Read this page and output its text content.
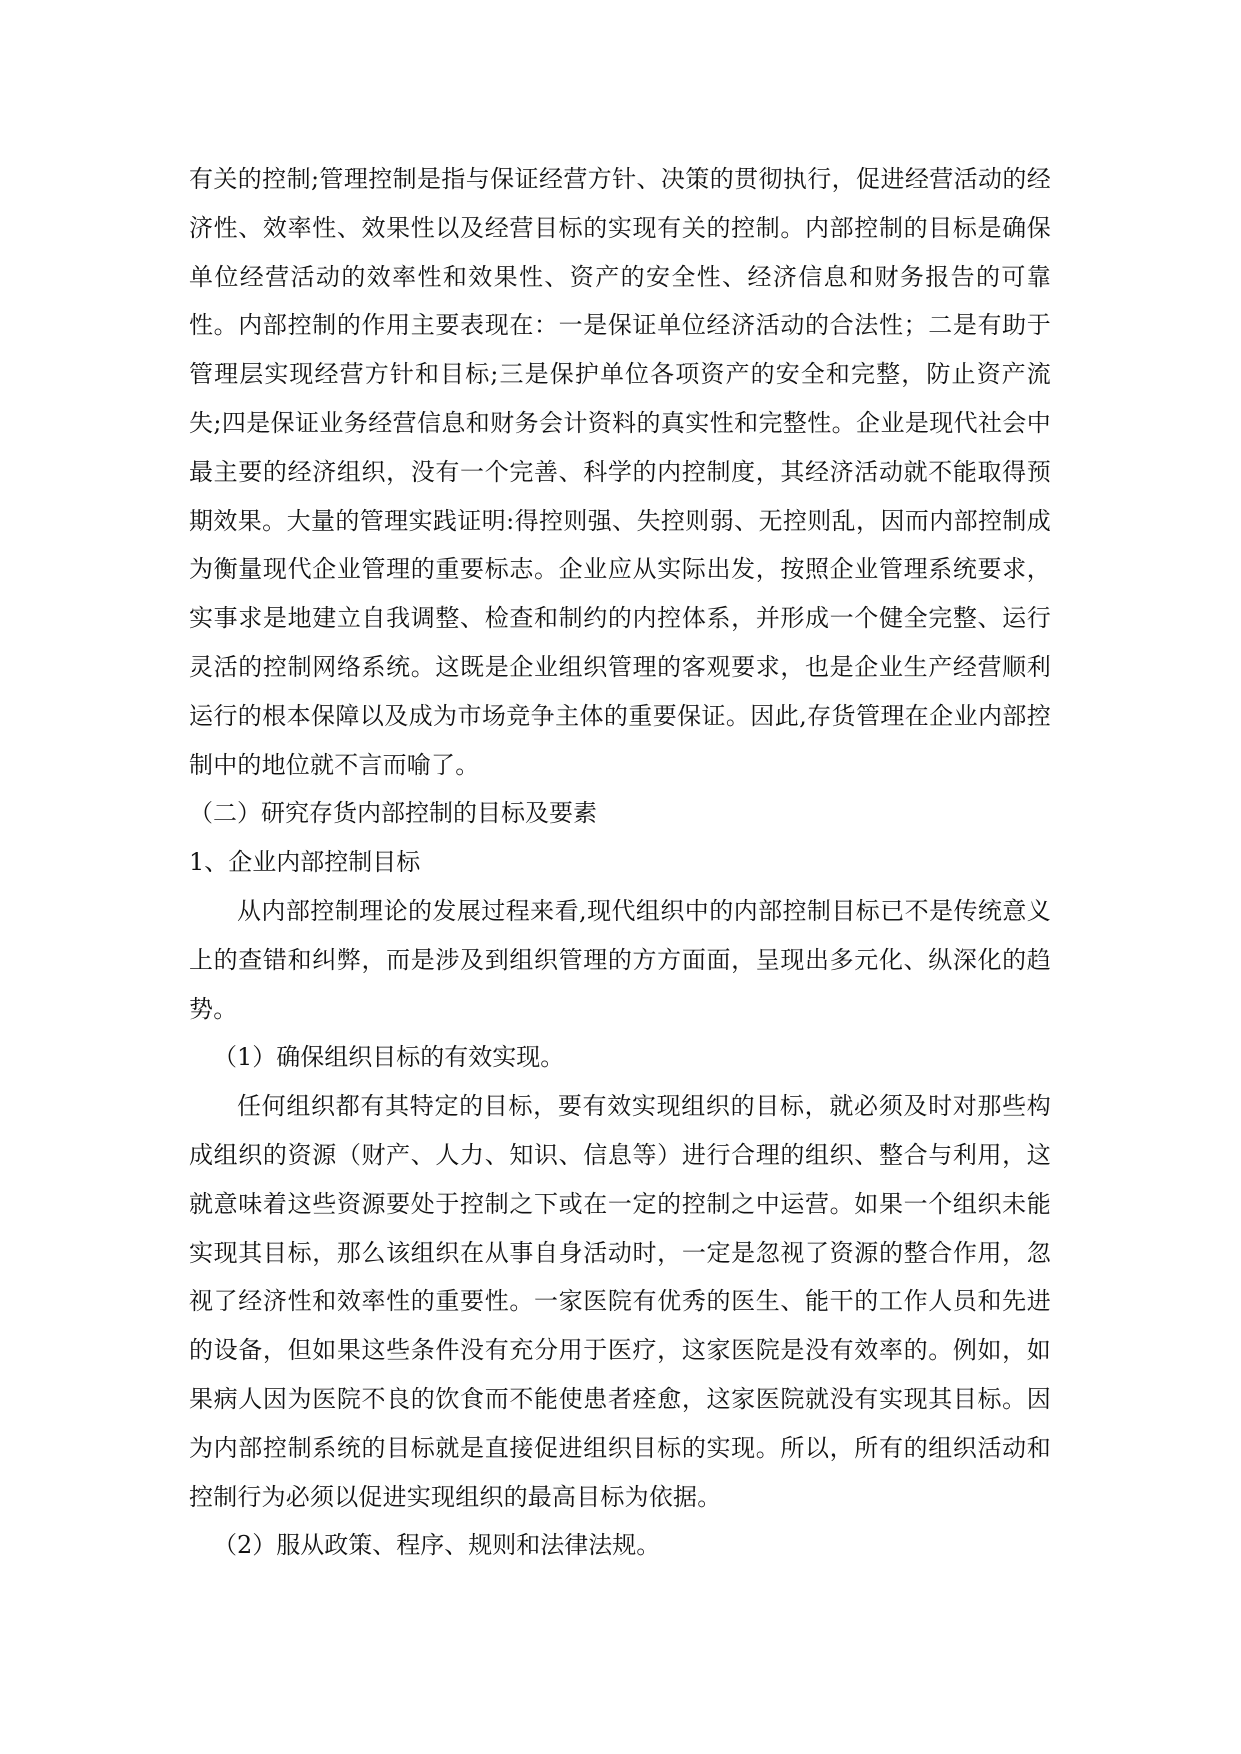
有关的控制;管理控制是指与保证经营方针、决策的贯彻执行，促进经营活动的经济性、效率性、效果性以及经营目标的实现有关的控制。内部控制的目标是确保单位经营活动的效率性和效果性、资产的安全性、经济信息和财务报告的可靠性。内部控制的作用主要表现在：一是保证单位经济活动的合法性；二是有助于管理层实现经营方针和目标;三是保护单位各项资产的安全和完整，防止资产流失;四是保证业务经营信息和财务会计资料的真实性和完整性。企业是现代社会中最主要的经济组织，没有一个完善、科学的内控制度，其经济活动就不能取得预期效果。大量的管理实践证明:得控则强、失控则弱、无控则乱，因而内部控制成为衡量现代企业管理的重要标志。企业应从实际出发，按照企业管理系统要求，实事求是地建立自我调整、检查和制约的内控体系，并形成一个健全完整、运行灵活的控制网络系统。这既是企业组织管理的客观要求，也是企业生产经营顺利运行的根本保障以及成为市场竞争主体的重要保证。因此,存货管理在企业内部控制中的地位就不言而喻了。

（二）研究存货内部控制的目标及要素

1、企业内部控制目标

从内部控制理论的发展过程来看,现代组织中的内部控制目标已不是传统意义上的查错和纠弊，而是涉及到组织管理的方方面面，呈现出多元化、纵深化的趋势。

（1）确保组织目标的有效实现。

任何组织都有其特定的目标，要有效实现组织的目标，就必须及时对那些构成组织的资源（财产、人力、知识、信息等）进行合理的组织、整合与利用，这就意味着这些资源要处于控制之下或在一定的控制之中运营。如果一个组织未能实现其目标，那么该组织在从事自身活动时，一定是忽视了资源的整合作用，忽视了经济性和效率性的重要性。一家医院有优秀的医生、能干的工作人员和先进的设备，但如果这些条件没有充分用于医疗，这家医院是没有效率的。例如，如果病人因为医院不良的饮食而不能使患者痊愈，这家医院就没有实现其目标。因为内部控制系统的目标就是直接促进组织目标的实现。所以，所有的组织活动和控制行为必须以促进实现组织的最高目标为依据。

（2）服从政策、程序、规则和法律法规。
